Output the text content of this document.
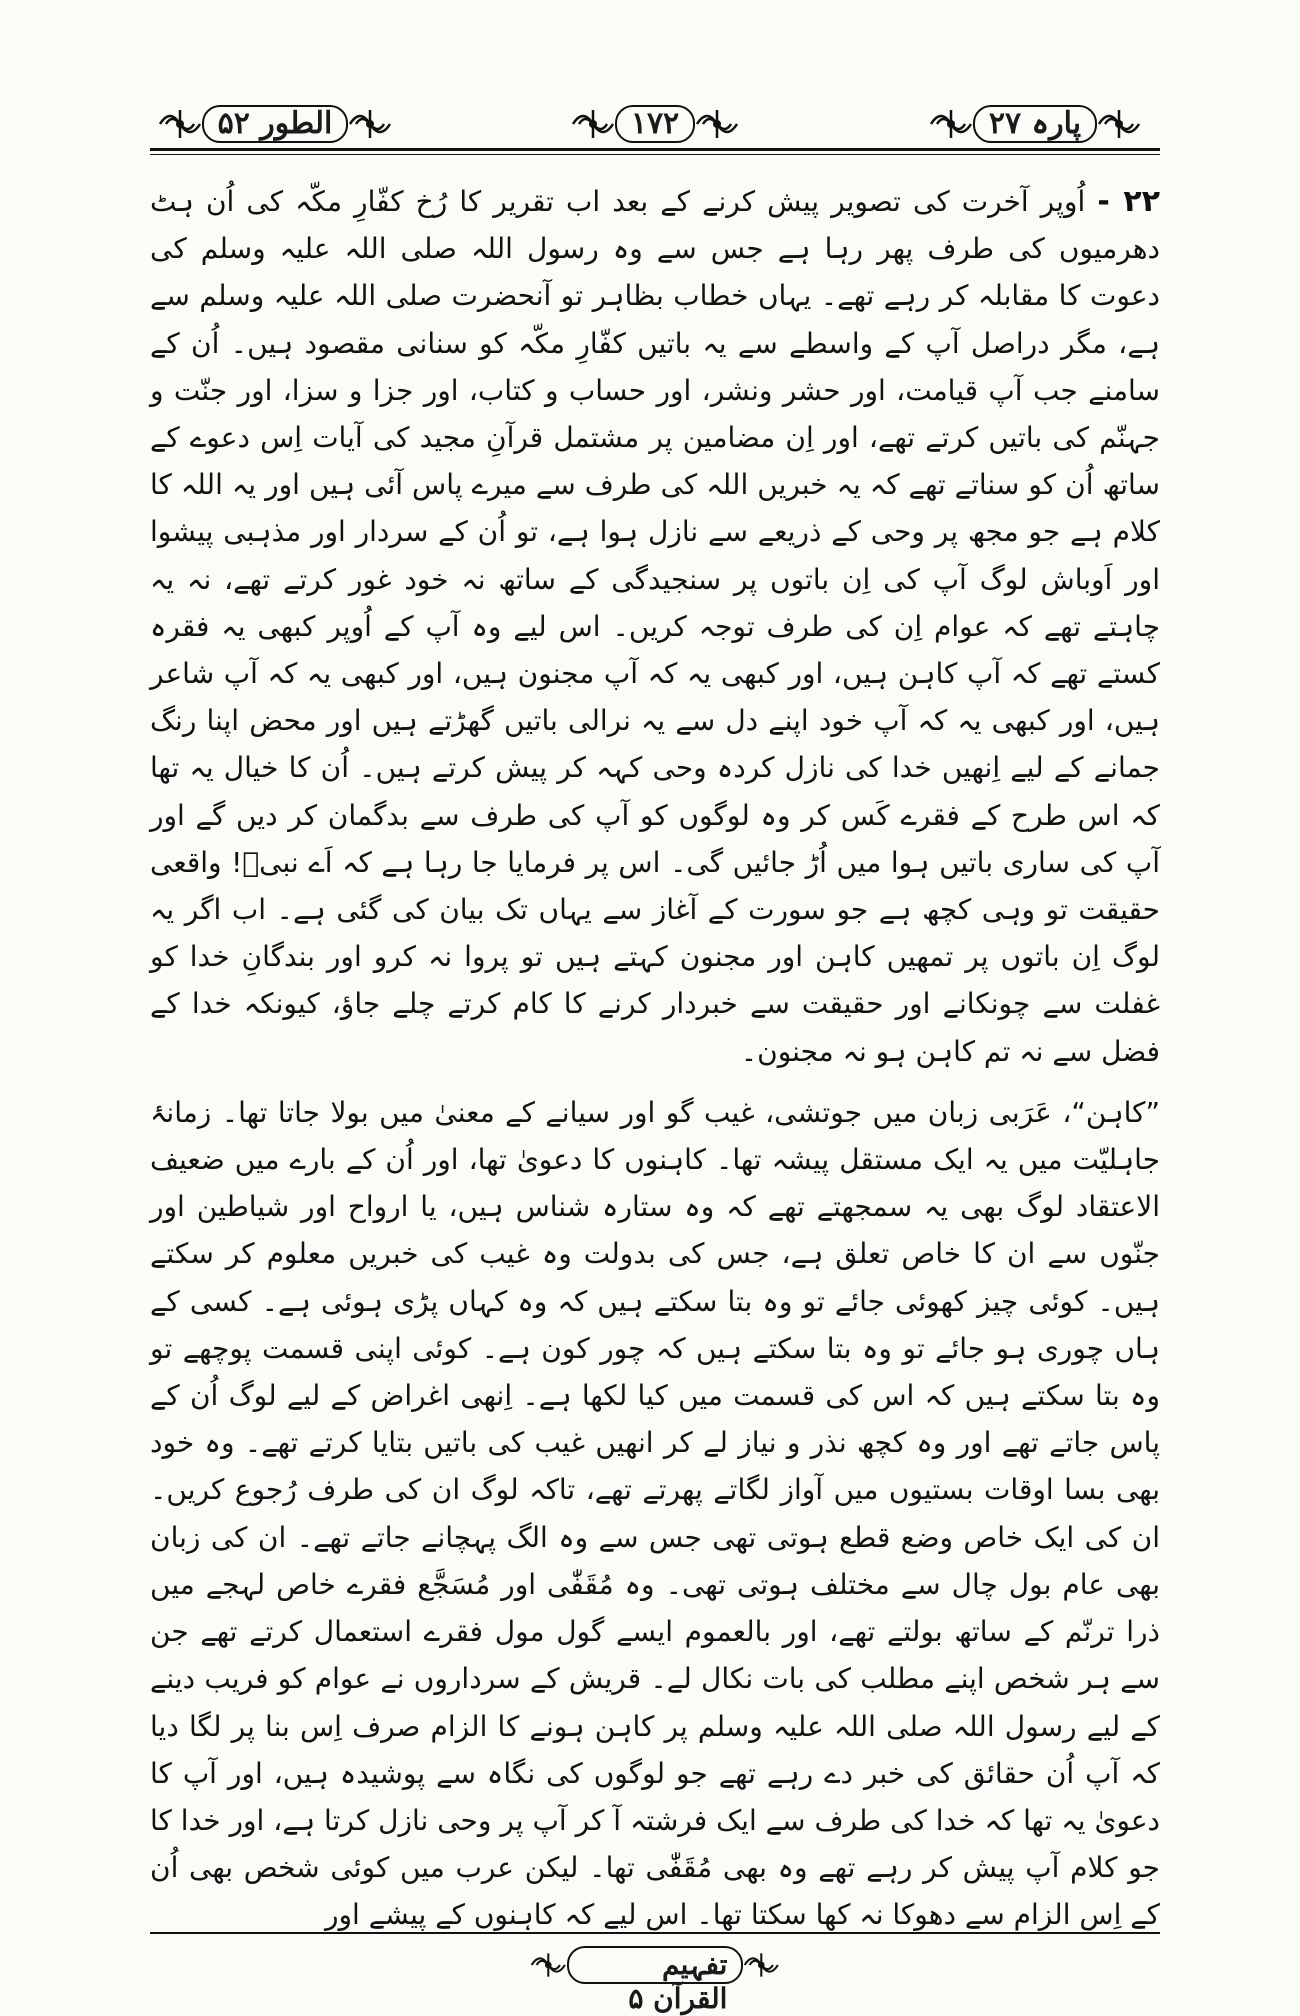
پارہ ۲۷
۱۷۲
الطور ۵۲

۲۲ - اُوپر آخرت کی تصویر پیش کرنے کے بعد اب تقریر کا رُخ کفّارِ مکّہ کی اُن ہٹ دھرمیوں کی طرف پھر رہا ہے جس سے وہ رسول اللہ صلی اللہ علیہ وسلم کی دعوت کا مقابلہ کر رہے تھے۔ یہاں خطاب بظاہر تو آنحضرت صلی اللہ علیہ وسلم سے ہے، مگر دراصل آپ کے واسطے سے یہ باتیں کفّارِ مکّہ کو سنانی مقصود ہیں۔ اُن کے سامنے جب آپ قیامت، اور حشر ونشر، اور حساب و کتاب، اور جزا و سزا، اور جنّت و جہنّم کی باتیں کرتے تھے، اور اِن مضامین پر مشتمل قرآنِ مجید کی آیات اِس دعوے کے ساتھ اُن کو سناتے تھے کہ یہ خبریں اللہ کی طرف سے میرے پاس آئی ہیں اور یہ اللہ کا کلام ہے جو مجھ پر وحی کے ذریعے سے نازل ہوا ہے، تو اُن کے سردار اور مذہبی پیشوا اور اَوباش لوگ آپ کی اِن باتوں پر سنجیدگی کے ساتھ نہ خود غور کرتے تھے، نہ یہ چاہتے تھے کہ عوام اِن کی طرف توجہ کریں۔ اس لیے وہ آپ کے اُوپر کبھی یہ فقرہ کستے تھے کہ آپ کاہن ہیں، اور کبھی یہ کہ آپ مجنون ہیں، اور کبھی یہ کہ آپ شاعر ہیں، اور کبھی یہ کہ آپ خود اپنے دل سے یہ نرالی باتیں گھڑتے ہیں اور محض اپنا رنگ جمانے کے لیے اِنھیں خدا کی نازل کردہ وحی کہہ کر پیش کرتے ہیں۔ اُن کا خیال یہ تھا کہ اس طرح کے فقرے کَس کر وہ لوگوں کو آپ کی طرف سے بدگمان کر دیں گے اور آپ کی ساری باتیں ہوا میں اُڑ جائیں گی۔ اس پر فرمایا جا رہا ہے کہ اَے نبیؐ! واقعی حقیقت تو وہی کچھ ہے جو سورت کے آغاز سے یہاں تک بیان کی گئی ہے۔ اب اگر یہ لوگ اِن باتوں پر تمھیں کاہن اور مجنون کہتے ہیں تو پروا نہ کرو اور بندگانِ خدا کو غفلت سے چونکانے اور حقیقت سے خبردار کرنے کا کام کرتے چلے جاؤ، کیونکہ خدا کے فضل سے نہ تم کاہن ہو نہ مجنون۔

”کاہن“، عَرَبی زبان میں جوتشی، غیب گو اور سیانے کے معنیٰ میں بولا جاتا تھا۔ زمانۂ جاہلیّت میں یہ ایک مستقل پیشہ تھا۔ کاہنوں کا دعویٰ تھا، اور اُن کے بارے میں ضعیف الاعتقاد لوگ بھی یہ سمجھتے تھے کہ وہ ستارہ شناس ہیں، یا ارواح اور شیاطین اور جنّوں سے ان کا خاص تعلق ہے، جس کی بدولت وہ غیب کی خبریں معلوم کر سکتے ہیں۔ کوئی چیز کھوئی جائے تو وہ بتا سکتے ہیں کہ وہ کہاں پڑی ہوئی ہے۔ کسی کے ہاں چوری ہو جائے تو وہ بتا سکتے ہیں کہ چور کون ہے۔ کوئی اپنی قسمت پوچھے تو وہ بتا سکتے ہیں کہ اس کی قسمت میں کیا لکھا ہے۔ اِنھی اغراض کے لیے لوگ اُن کے پاس جاتے تھے اور وہ کچھ نذر و نیاز لے کر انھیں غیب کی باتیں بتایا کرتے تھے۔ وہ خود بھی بسا اوقات بستیوں میں آواز لگاتے پھرتے تھے، تاکہ لوگ ان کی طرف رُجوع کریں۔ ان کی ایک خاص وضع قطع ہوتی تھی جس سے وہ الگ پہچانے جاتے تھے۔ ان کی زبان بھی عام بول چال سے مختلف ہوتی تھی۔ وہ مُقَفّٰی اور مُسَجَّع فقرے خاص لہجے میں ذرا ترنّم کے ساتھ بولتے تھے، اور بالعموم ایسے گول مول فقرے استعمال کرتے تھے جن سے ہر شخص اپنے مطلب کی بات نکال لے۔ قریش کے سرداروں نے عوام کو فریب دینے کے لیے رسول اللہ صلی اللہ علیہ وسلم پر کاہن ہونے کا الزام صرف اِس بنا پر لگا دیا کہ آپ اُن حقائق کی خبر دے رہے تھے جو لوگوں کی نگاہ سے پوشیدہ ہیں، اور آپ کا دعویٰ یہ تھا کہ خدا کی طرف سے ایک فرشتہ آ کر آپ پر وحی نازل کرتا ہے، اور خدا کا جو کلام آپ پیش کر رہے تھے وہ بھی مُقَفّٰی تھا۔ لیکن عرب میں کوئی شخص بھی اُن کے اِس الزام سے دھوکا نہ کھا سکتا تھا۔ اس لیے کہ کاہنوں کے پیشے اور

تفہیم القرآن ۵
